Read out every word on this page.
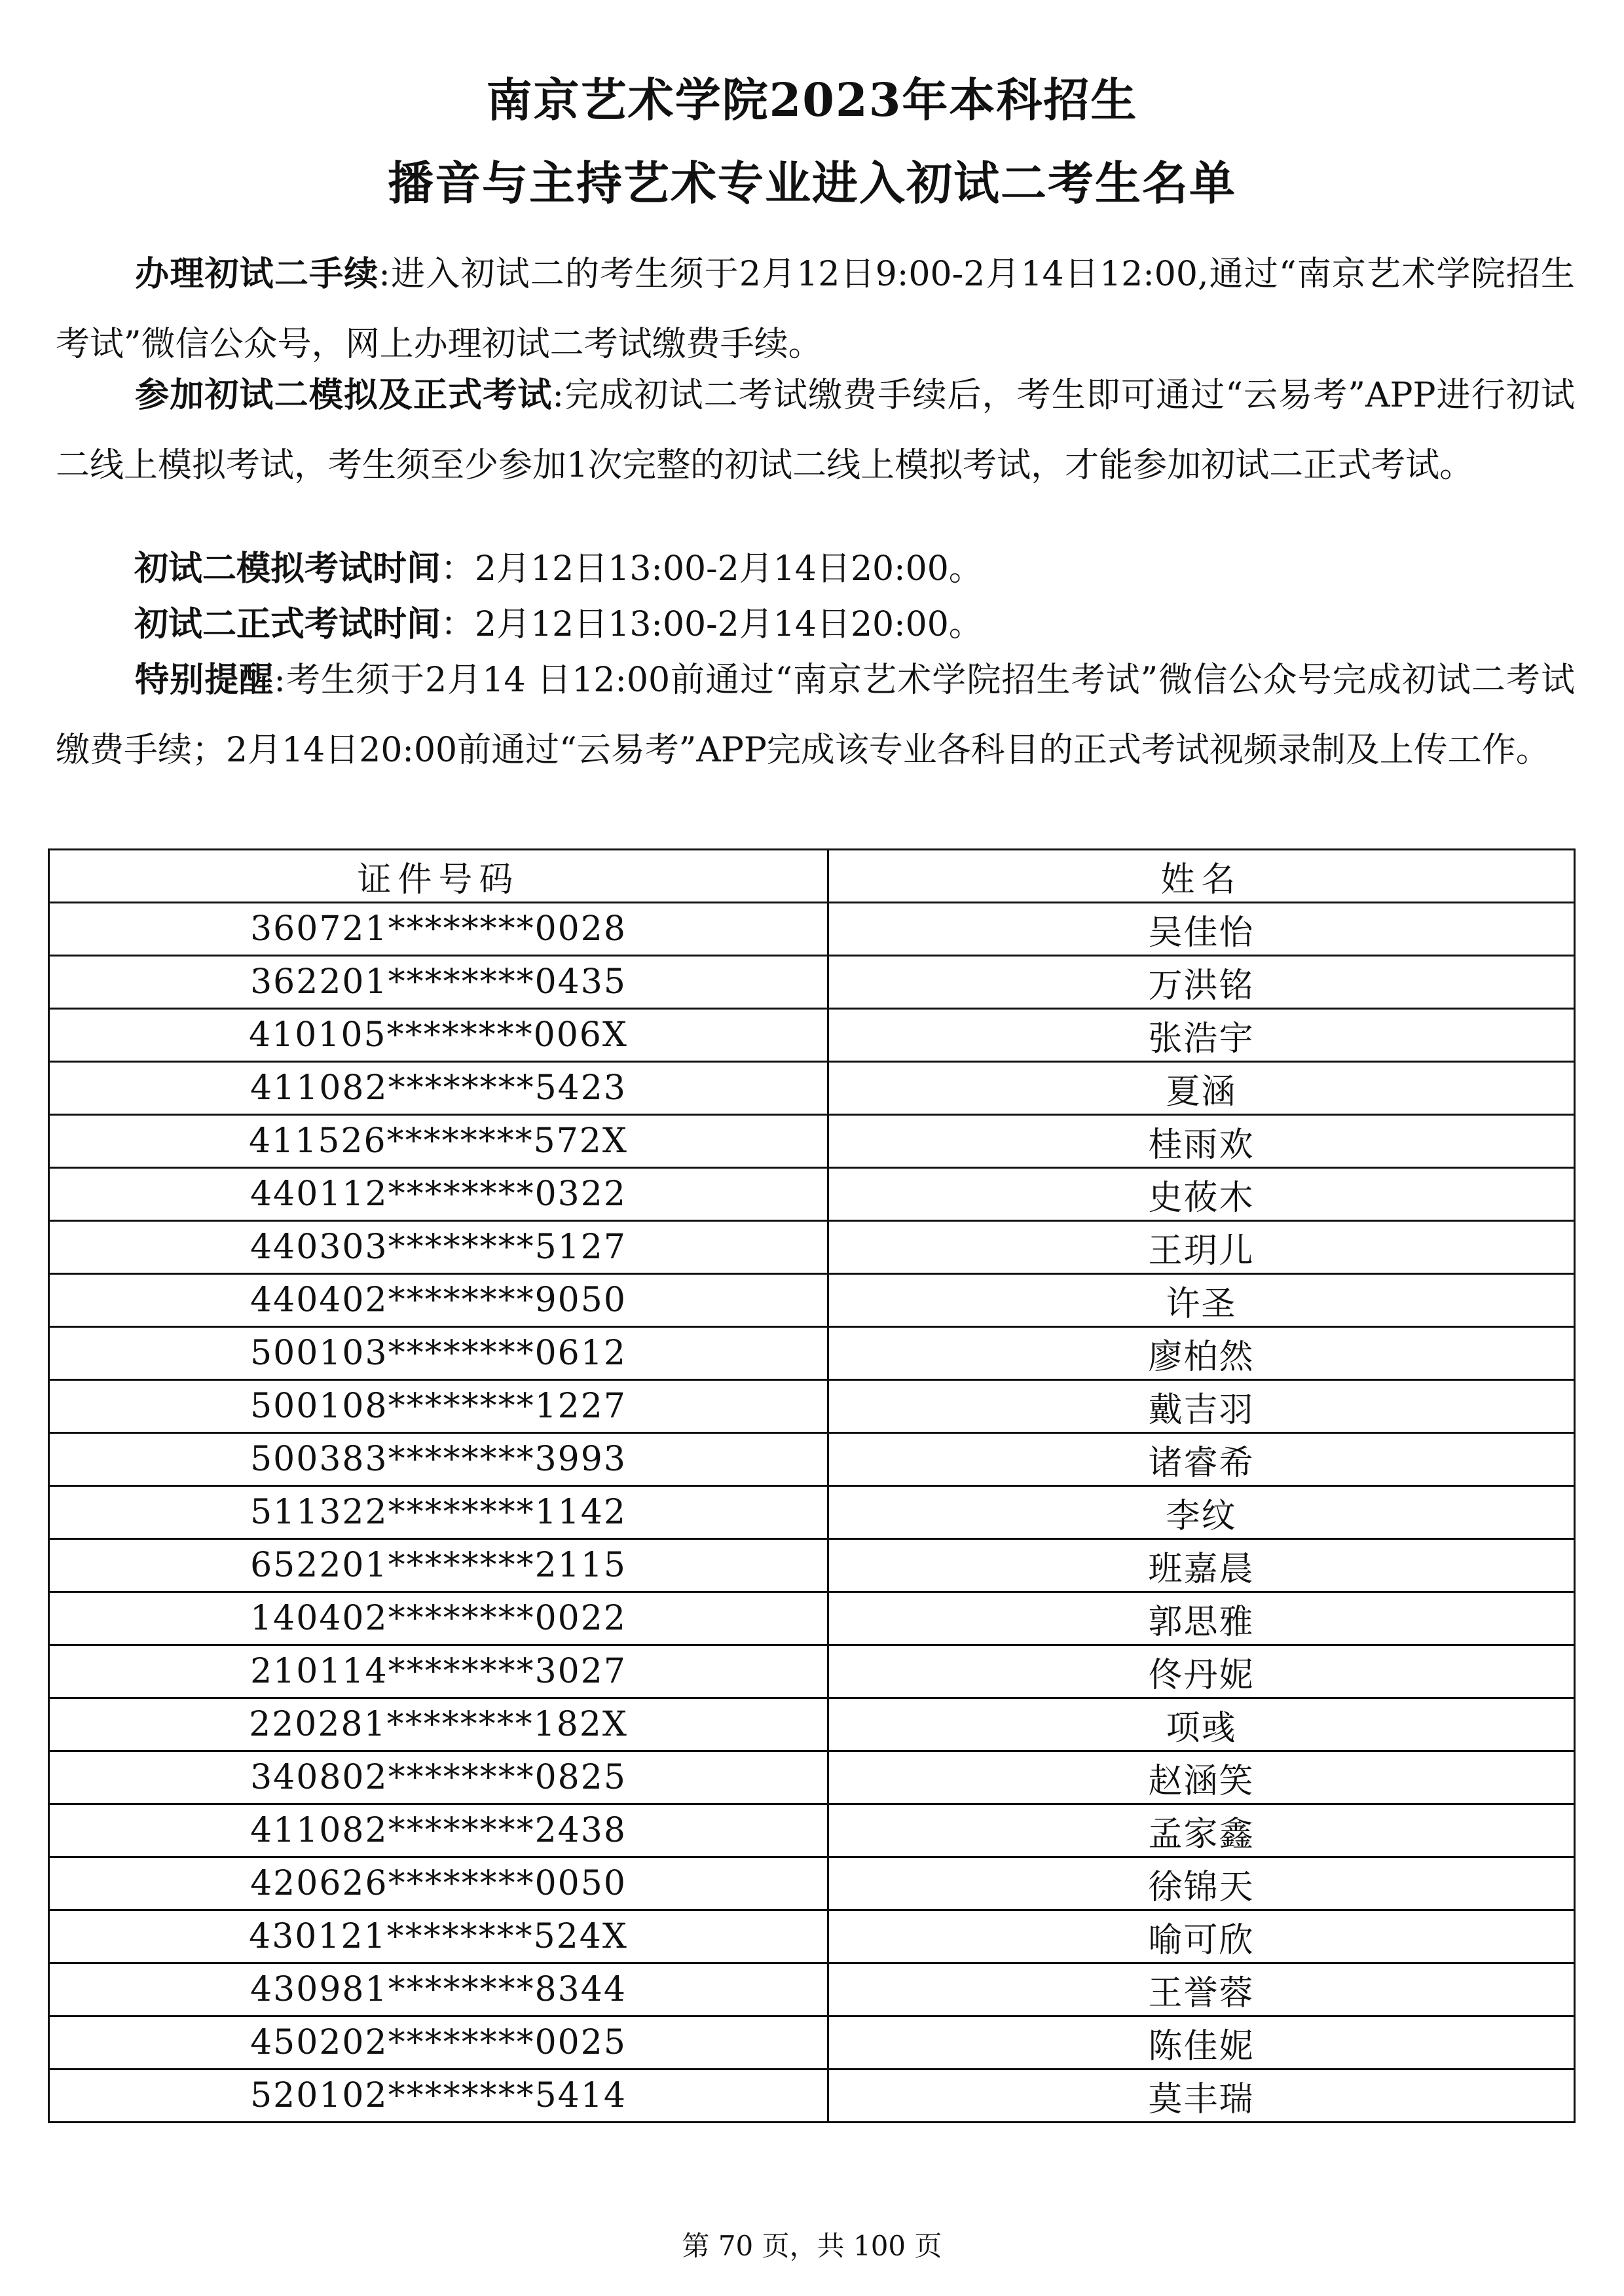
南京艺术学院2023年本科招生
播音与主持艺术专业进入初试二考生名单
办理初试二手续:进入初试二的考生须于2月12日9:00-2月14日12:00,通过“南京艺术学院招生考试”微信公众号，网上办理初试二考试缴费手续。
参加初试二模拟及正式考试:完成初试二考试缴费手续后，考生即可通过“云易考”APP进行初试二线上模拟考试，考生须至少参加1次完整的初试二线上模拟考试，才能参加初试二正式考试。
初试二模拟考试时间：2月12日13:00-2月14日20:00。
初试二正式考试时间：2月12日13:00-2月14日20:00。
特别提醒:考生须于2月14 日12:00前通过“南京艺术学院招生考试”微信公众号完成初试二考试缴费手续；2月14日20:00前通过“云易考”APP完成该专业各科目的正式考试视频录制及上传工作。
证件号码	姓名
360721********0028	吴佳怡
362201********0435	万洪铭
410105********006X	张浩宇
411082********5423	夏涵
411526********572X	桂雨欢
440112********0322	史莜木
440303********5127	王玥儿
440402********9050	许圣
500103********0612	廖柏然
500108********1227	戴吉羽
500383********3993	诸睿希
511322********1142	李纹
652201********2115	班嘉晨
140402********0022	郭思雅
210114********3027	佟丹妮
220281********182X	项彧
340802********0825	赵涵笑
411082********2438	孟家鑫
420626********0050	徐锦天
430121********524X	喻可欣
430981********8344	王誉蓉
450202********0025	陈佳妮
520102********5414	莫丰瑞
第 70 页，共 100 页
